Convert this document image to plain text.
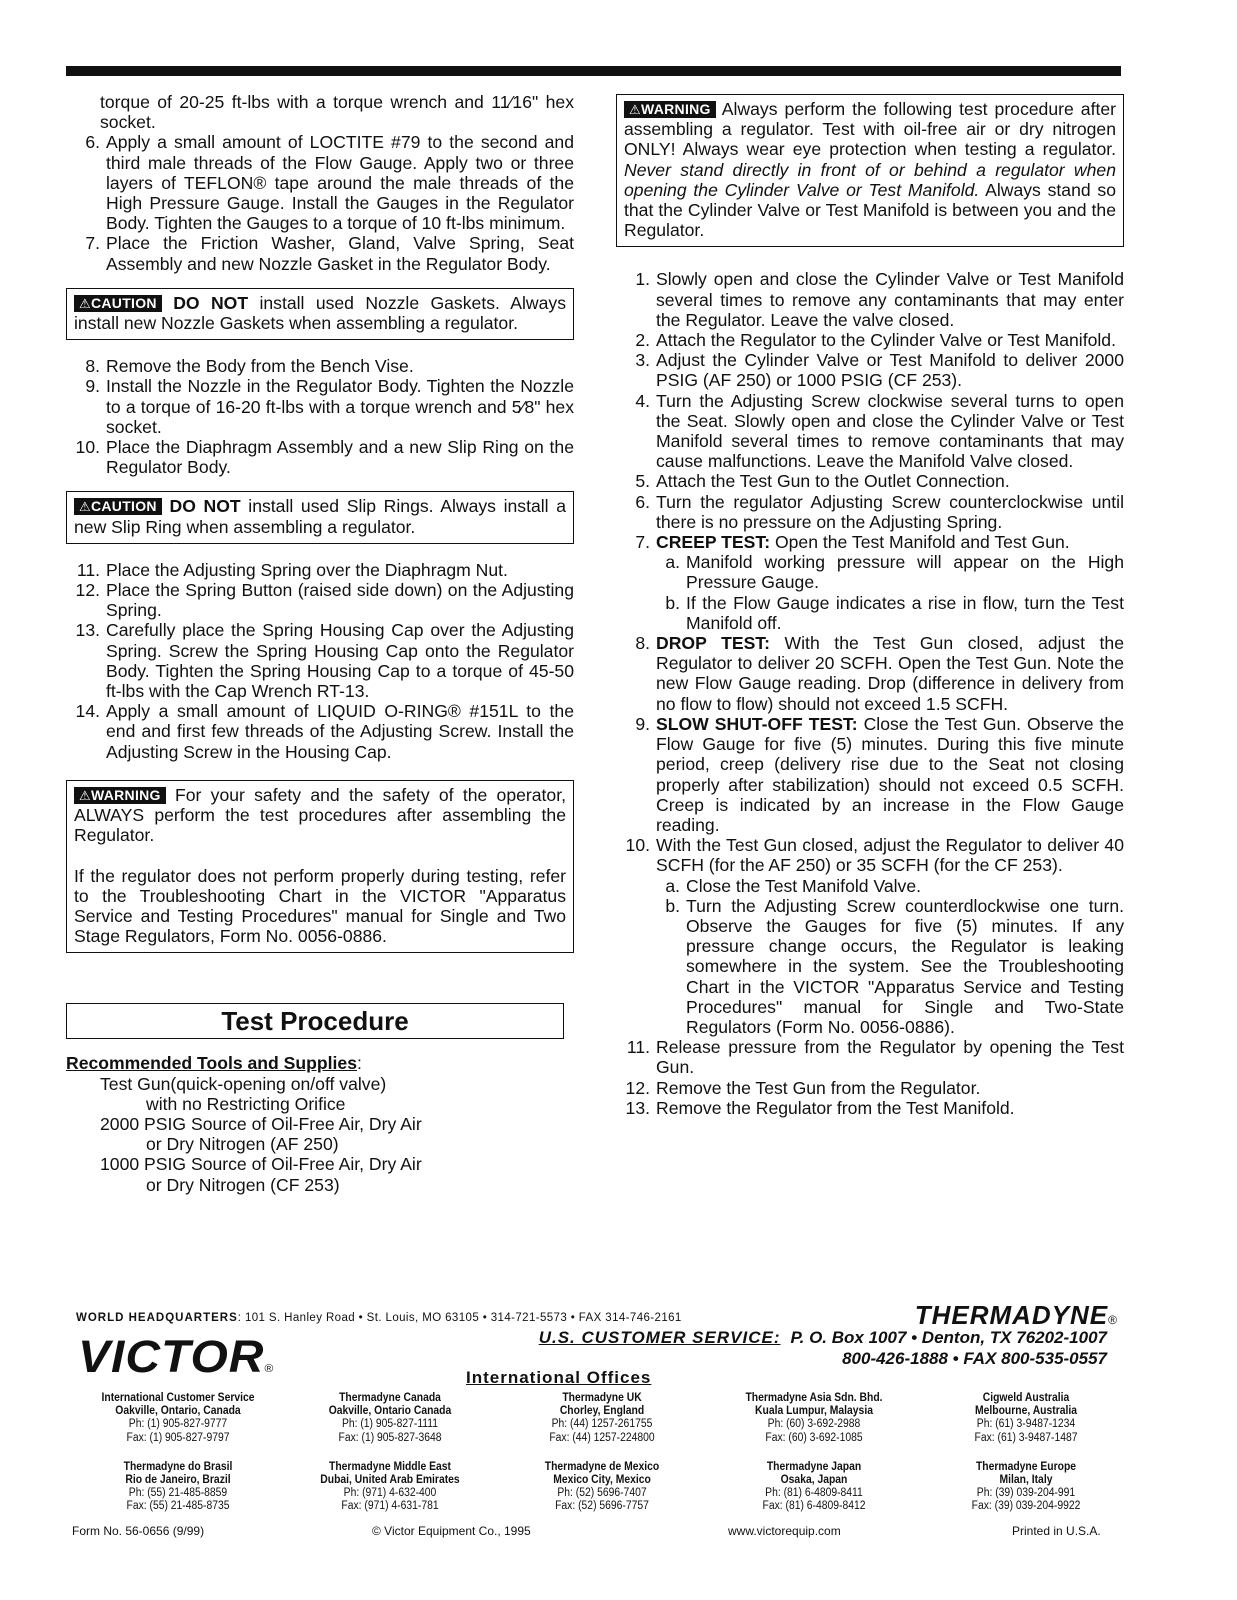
torque of 20-25 ft-lbs with a torque wrench and 11⁄16" hex socket.
6. Apply a small amount of LOCTITE #79 to the second and third male threads of the Flow Gauge. Apply two or three layers of TEFLON® tape around the male threads of the High Pressure Gauge. Install the Gauges in the Regulator Body. Tighten the Gauges to a torque of 10 ft-lbs minimum.
7. Place the Friction Washer, Gland, Valve Spring, Seat Assembly and new Nozzle Gasket in the Regulator Body.
⚠CAUTION DO NOT install used Nozzle Gaskets. Always install new Nozzle Gaskets when assembling a regulator.
8. Remove the Body from the Bench Vise.
9. Install the Nozzle in the Regulator Body. Tighten the Nozzle to a torque of 16-20 ft-lbs with a torque wrench and 5⁄8" hex socket.
10. Place the Diaphragm Assembly and a new Slip Ring on the Regulator Body.
⚠CAUTION DO NOT install used Slip Rings. Always install a new Slip Ring when assembling a regulator.
11. Place the Adjusting Spring over the Diaphragm Nut.
12. Place the Spring Button (raised side down) on the Adjusting Spring.
13. Carefully place the Spring Housing Cap over the Adjusting Spring. Screw the Spring Housing Cap onto the Regulator Body. Tighten the Spring Housing Cap to a torque of 45-50 ft-lbs with the Cap Wrench RT-13.
14. Apply a small amount of LIQUID O-RING® #151L to the end and first few threads of the Adjusting Screw. Install the Adjusting Screw in the Housing Cap.
⚠WARNING For your safety and the safety of the operator, ALWAYS perform the test procedures after assembling the Regulator.
If the regulator does not perform properly during testing, refer to the Troubleshooting Chart in the VICTOR "Apparatus Service and Testing Procedures" manual for Single and Two Stage Regulators, Form No. 0056-0886.
Test Procedure
Recommended Tools and Supplies:
Test Gun(quick-opening on/off valve)
with no Restricting Orifice
2000 PSIG Source of Oil-Free Air, Dry Air
or Dry Nitrogen (AF 250)
1000 PSIG Source of Oil-Free Air, Dry Air
or Dry Nitrogen (CF 253)
⚠WARNING Always perform the following test procedure after assembling a regulator. Test with oil-free air or dry nitrogen ONLY! Always wear eye protection when testing a regulator. Never stand directly in front of or behind a regulator when opening the Cylinder Valve or Test Manifold. Always stand so that the Cylinder Valve or Test Manifold is between you and the Regulator.
1. Slowly open and close the Cylinder Valve or Test Manifold several times to remove any contaminants that may enter the Regulator. Leave the valve closed.
2. Attach the Regulator to the Cylinder Valve or Test Manifold.
3. Adjust the Cylinder Valve or Test Manifold to deliver 2000 PSIG (AF 250) or 1000 PSIG (CF 253).
4. Turn the Adjusting Screw clockwise several turns to open the Seat. Slowly open and close the Cylinder Valve or Test Manifold several times to remove contaminants that may cause malfunctions. Leave the Manifold Valve closed.
5. Attach the Test Gun to the Outlet Connection.
6. Turn the regulator Adjusting Screw counterclockwise until there is no pressure on the Adjusting Spring.
7. CREEP TEST: Open the Test Manifold and Test Gun.
a. Manifold working pressure will appear on the High Pressure Gauge.
b. If the Flow Gauge indicates a rise in flow, turn the Test Manifold off.
8. DROP TEST: With the Test Gun closed, adjust the Regulator to deliver 20 SCFH. Open the Test Gun. Note the new Flow Gauge reading. Drop (difference in delivery from no flow to flow) should not exceed 1.5 SCFH.
9. SLOW SHUT-OFF TEST: Close the Test Gun. Observe the Flow Gauge for five (5) minutes. During this five minute period, creep (delivery rise due to the Seat not closing properly after stabilization) should not exceed 0.5 SCFH. Creep is indicated by an increase in the Flow Gauge reading.
10. With the Test Gun closed, adjust the Regulator to deliver 40 SCFH (for the AF 250) or 35 SCFH (for the CF 253).
a. Close the Test Manifold Valve.
b. Turn the Adjusting Screw counterdlockwise one turn. Observe the Gauges for five (5) minutes. If any pressure change occurs, the Regulator is leaking somewhere in the system. See the Troubleshooting Chart in the VICTOR "Apparatus Service and Testing Procedures" manual for Single and Two-State Regulators (Form No. 0056-0886).
11. Release pressure from the Regulator by opening the Test Gun.
12. Remove the Test Gun from the Regulator.
13. Remove the Regulator from the Test Manifold.
WORLD HEADQUARTERS: 101 S. Hanley Road • St. Louis, MO 63105 • 314-721-5573 • FAX 314-746-2161	THERMADYNE®
VICTOR®
U.S. CUSTOMER SERVICE: P. O. Box 1007 • Denton, TX 76202-1007
800-426-1888 • FAX 800-535-0557
International Offices
International Customer Service
Oakville, Ontario, Canada
Ph: (1) 905-827-9777
Fax: (1) 905-827-9797
Thermadyne Canada
Oakville, Ontario Canada
Ph: (1) 905-827-1111
Fax: (1) 905-827-3648
Thermadyne UK
Chorley, England
Ph: (44) 1257-261755
Fax: (44) 1257-224800
Thermadyne Asia Sdn. Bhd.
Kuala Lumpur, Malaysia
Ph: (60) 3-692-2988
Fax: (60) 3-692-1085
Cigweld Australia
Melbourne, Australia
Ph: (61) 3-9487-1234
Fax: (61) 3-9487-1487
Thermadyne do Brasil
Rio de Janeiro, Brazil
Ph: (55) 21-485-8859
Fax: (55) 21-485-8735
Thermadyne Middle East
Dubai, United Arab Emirates
Ph: (971) 4-632-400
Fax: (971) 4-631-781
Thermadyne de Mexico
Mexico City, Mexico
Ph: (52) 5696-7407
Fax: (52) 5696-7757
Thermadyne Japan
Osaka, Japan
Ph: (81) 6-4809-8411
Fax: (81) 6-4809-8412
Thermadyne Europe
Milan, Italy
Ph: (39) 039-204-991
Fax: (39) 039-204-9922
Form No. 56-0656 (9/99)	© Victor Equipment Co., 1995	www.victorequip.com	Printed in U.S.A.
